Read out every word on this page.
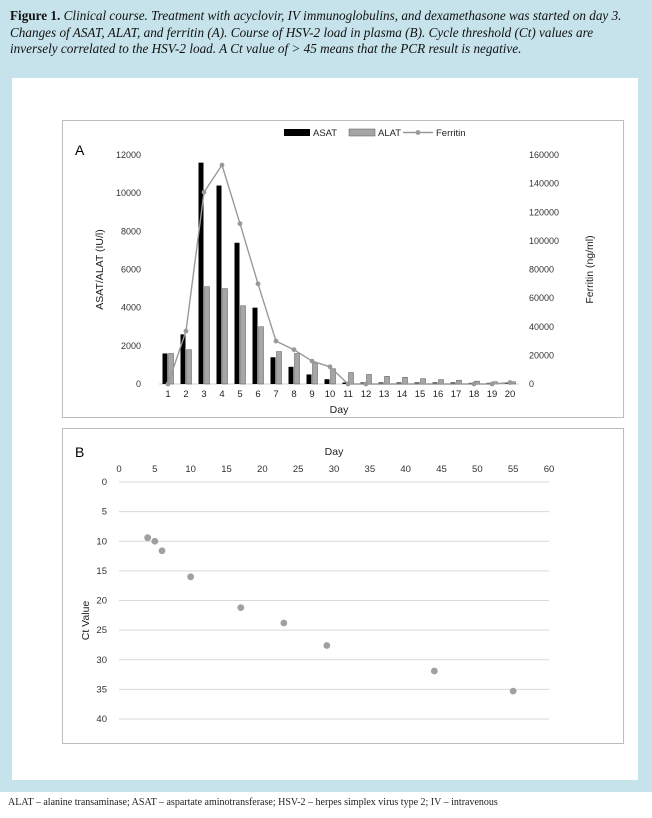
Figure 1. Clinical course. Treatment with acyclovir, IV immunoglobulins, and dexamethasone was started on day 3. Changes of ASAT, ALAT, and ferritin (A). Course of HSV-2 load in plasma (B). Cycle threshold (Ct) values are inversely correlated to the HSV-2 load. A Ct value of > 45 means that the PCR result is negative.
A
0
2000
4000
6000
8000
10000
12000
0
20000
40000
60000
80000
100000
120000
140000
160000
1 2 3 4 5 6 7 8 9 10 11 12 13 14 15 16 17 18 19 20
Day
ASAT/ALAT (IU/l)	Ferritin (ng/ml)
ASAT	ALAT	Ferritin
B	Day
0
5
10
15
20
25
30
35
40
0	5	10	15	20	25	30	35	40	45	50	55	60
Ct Value
ALAT – alanine transaminase; ASAT – aspartate aminotransferase; HSV-2 – herpes simplex virus type 2; IV – intravenous
